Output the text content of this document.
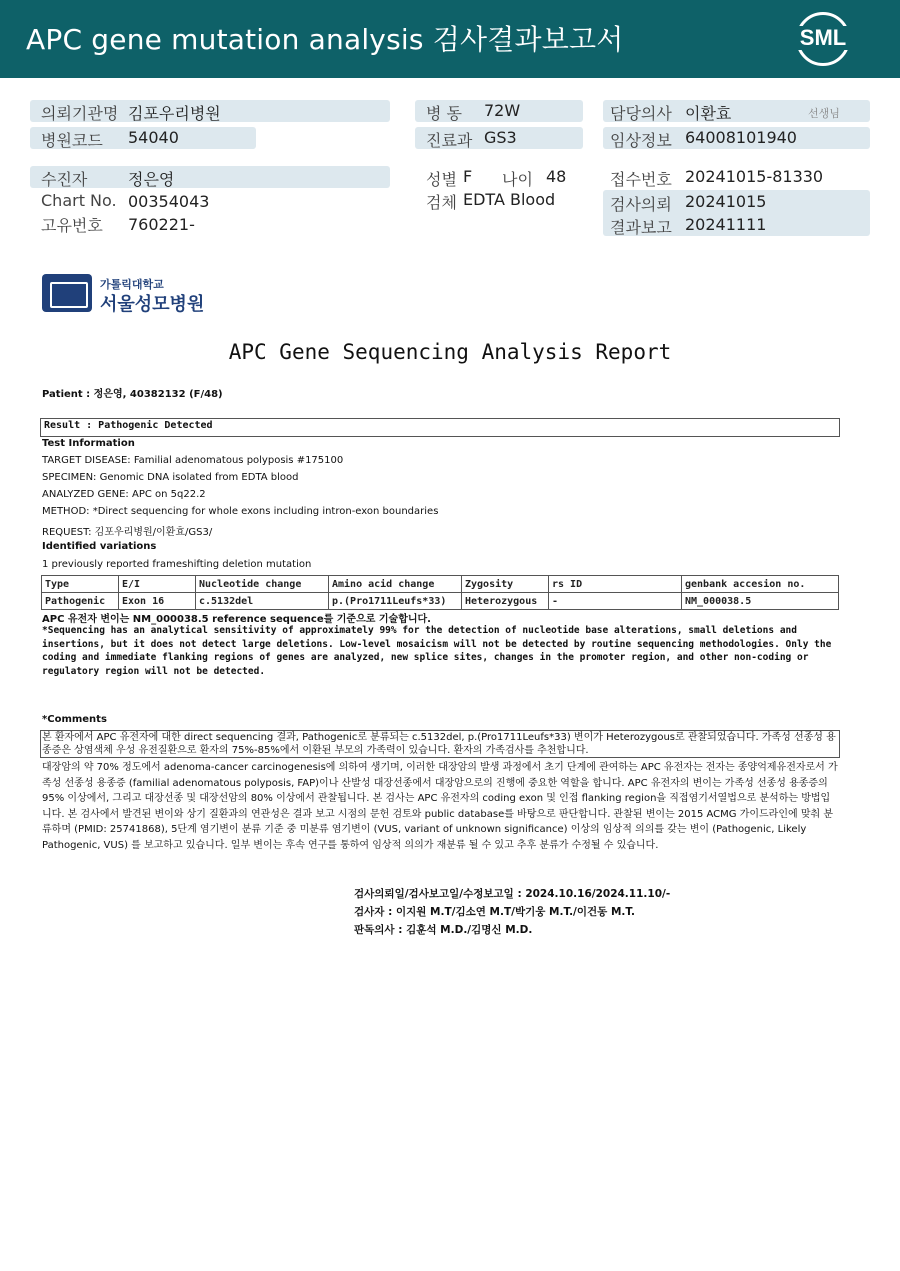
APC gene mutation analysis 검사결과보고서	SML
의뢰기관명 김포우리병원	병 동 72W	담당의사 이환효	선생님
병원코드 54040	진료과 GS3	임상정보 64008101940
수진자	정은영	성별 F 나이 48	접수번호 20241015-81330
Chart No. 00354043	검체 EDTA Blood	검사의뢰 20241015
고유번호 760221-	결과보고 20241111
가톨릭대학교
서울성모병원
APC Gene Sequencing Analysis Report
Patient : 정은영, 40382132 (F/48)
Result : Pathogenic Detected
Test Information
TARGET DISEASE: Familial adenomatous polyposis #175100
SPECIMEN: Genomic DNA isolated from EDTA blood
ANALYZED GENE: APC on 5q22.2
METHOD: *Direct sequencing for whole exons including intron-exon boundaries
REQUEST: 김포우리병원/이환효/GS3/
Identified variations
1 previously reported frameshifting deletion mutation
Type	E/I	Nucleotide change	Amino acid change	Zygosity	rs ID	genbank accesion no.
Pathogenic	Exon 16	c.5132del	p.(Pro1711Leufs*33)	Heterozygous	-	NM_000038.5
APC 유전자 변이는 NM_000038.5 reference sequence를 기준으로 기술합니다.
*Sequencing has an analytical sensitivity of approximately 99% for the detection of nucleotide base alterations, small deletions and insertions, but it does not detect large deletions. Low-level mosaicism will not be detected by routine sequencing methodologies. Only the coding and immediate flanking regions of genes are analyzed, new splice sites, changes in the promoter region, and other non-coding or regulatory region will not be detected.
*Comments
본 환자에서 APC 유전자에 대한 direct sequencing 결과, Pathogenic로 분류되는 c.5132del, p.(Pro1711Leufs*33) 변이가 Heterozygous로 관찰되었습니다. 가족성 선종성 용종증은 상염색체 우성 유전질환으로 환자의 75%-85%에서 이환된 부모의 가족력이 있습니다. 환자의 가족검사를 추천합니다.
대장암의 약 70% 정도에서 adenoma-cancer carcinogenesis에 의하여 생기며, 이러한 대장암의 발생 과정에서 초기 단계에 관여하는 APC 유전자는 전자는 종양억제유전자로서 가족성 선종성 용종증 (familial adenomatous polyposis, FAP)이나 산발성 대장선종에서 대장암으로의 진행에 중요한 역할을 합니다. APC 유전자의 변이는 가족성 선종성 용종증의 95% 이상에서, 그리고 대장선종 및 대장선암의 80% 이상에서 관찰됩니다. 본 검사는 APC 유전자의 coding exon 및 인접 flanking region을 직접염기서열법으로 분석하는 방법입니다. 본 검사에서 발견된 변이와 상기 질환과의 연관성은 결과 보고 시점의 문헌 검토와 public database를 바탕으로 판단합니다. 관찰된 변이는 2015 ACMG 가이드라인에 맞춰 분류하며 (PMID: 25741868), 5단계 염기변이 분류 기준 중 미분류 염기변이 (VUS, variant of unknown significance) 이상의 임상적 의의를 갖는 변이 (Pathogenic, Likely Pathogenic, VUS) 를 보고하고 있습니다. 일부 변이는 후속 연구를 통하여 임상적 의의가 재분류 될 수 있고 추후 분류가 수정될 수 있습니다.
검사의뢰일/검사보고일/수정보고일 : 2024.10.16/2024.11.10/-
검사자 : 이지원 M.T/김소연 M.T/박기웅 M.T./이건동 M.T.
판독의사 : 김훈석 M.D./김명신 M.D.
